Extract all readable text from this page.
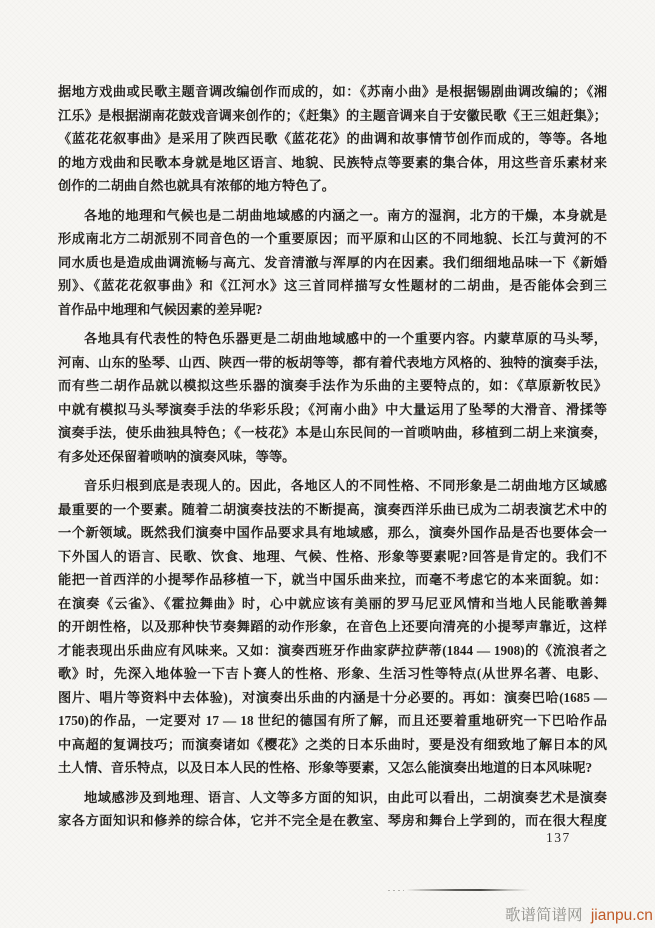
据地方戏曲或民歌主题音调改编创作而成的，如：《苏南小曲》是根据锡剧曲调改编的；《湘
江乐》是根据湖南花鼓戏音调来创作的；《赶集》的主题音调来自于安徽民歌《王三姐赶集》；
《蓝花花叙事曲》是采用了陕西民歌《蓝花花》的曲调和故事情节创作而成的，等等。各地
的地方戏曲和民歌本身就是地区语言、地貌、民族特点等要素的集合体，用这些音乐素材来
创作的二胡曲自然也就具有浓郁的地方特色了。
各地的地理和气候也是二胡曲地域感的内涵之一。南方的湿润，北方的干燥，本身就是
形成南北方二胡派别不同音色的一个重要原因；而平原和山区的不同地貌、长江与黄河的不
同水质也是造成曲调流畅与高亢、发音清澈与浑厚的内在因素。我们细细地品味一下《新婚
别》、《蓝花花叙事曲》和《江河水》这三首同样描写女性题材的二胡曲，是否能体会到三
首作品中地理和气候因素的差异呢?
各地具有代表性的特色乐器更是二胡曲地域感中的一个重要内容。内蒙草原的马头琴，
河南、山东的坠琴、山西、陕西一带的板胡等等，都有着代表地方风格的、独特的演奏手法，
而有些二胡作品就以模拟这些乐器的演奏手法作为乐曲的主要特点的，如：《草原新牧民》
中就有模拟马头琴演奏手法的华彩乐段；《河南小曲》中大量运用了坠琴的大滑音、滑揉等
演奏手法，使乐曲独具特色；《一枝花》本是山东民间的一首唢呐曲，移植到二胡上来演奏，
有多处还保留着唢呐的演奏风味，等等。
音乐归根到底是表现人的。因此，各地区人的不同性格、不同形象是二胡曲地方区域感
最重要的一个要素。随着二胡演奏技法的不断提高，演奏西洋乐曲已成为二胡表演艺术中的
一个新领域。既然我们演奏中国作品要求具有地域感，那么，演奏外国作品是否也要体会一
下外国人的语言、民歌、饮食、地理、气候、性格、形象等要素呢?回答是肯定的。我们不
能把一首西洋的小提琴作品移植一下，就当中国乐曲来拉，而毫不考虑它的本来面貌。如：
在演奏《云雀》、《霍拉舞曲》时，心中就应该有美丽的罗马尼亚风情和当地人民能歌善舞
的开朗性格，以及那种快节奏舞蹈的动作形象，在音色上还要向清亮的小提琴声靠近，这样
才能表现出乐曲应有风味来。又如：演奏西班牙作曲家萨拉萨蒂(1844 — 1908)的《流浪者之
歌》时，先深入地体验一下吉卜赛人的性格、形象、生活习性等特点(从世界名著、电影、
图片、唱片等资料中去体验)，对演奏出乐曲的内涵是十分必要的。再如：演奏巴哈(1685 —
1750)的作品，一定要对 17 — 18 世纪的德国有所了解，而且还要着重地研究一下巴哈作品
中高超的复调技巧；而演奏诸如《樱花》之类的日本乐曲时，要是没有细致地了解日本的风
土人情、音乐特点，以及日本人民的性格、形象等要素，又怎么能演奏出地道的日本风味呢?
地域感涉及到地理、语言、人文等多方面的知识，由此可以看出，二胡演奏艺术是演奏
家各方面知识和修养的综合体，它并不完全是在教室、琴房和舞台上学到的，而在很大程度
137
歌谱简谱网 jianpu.cn
